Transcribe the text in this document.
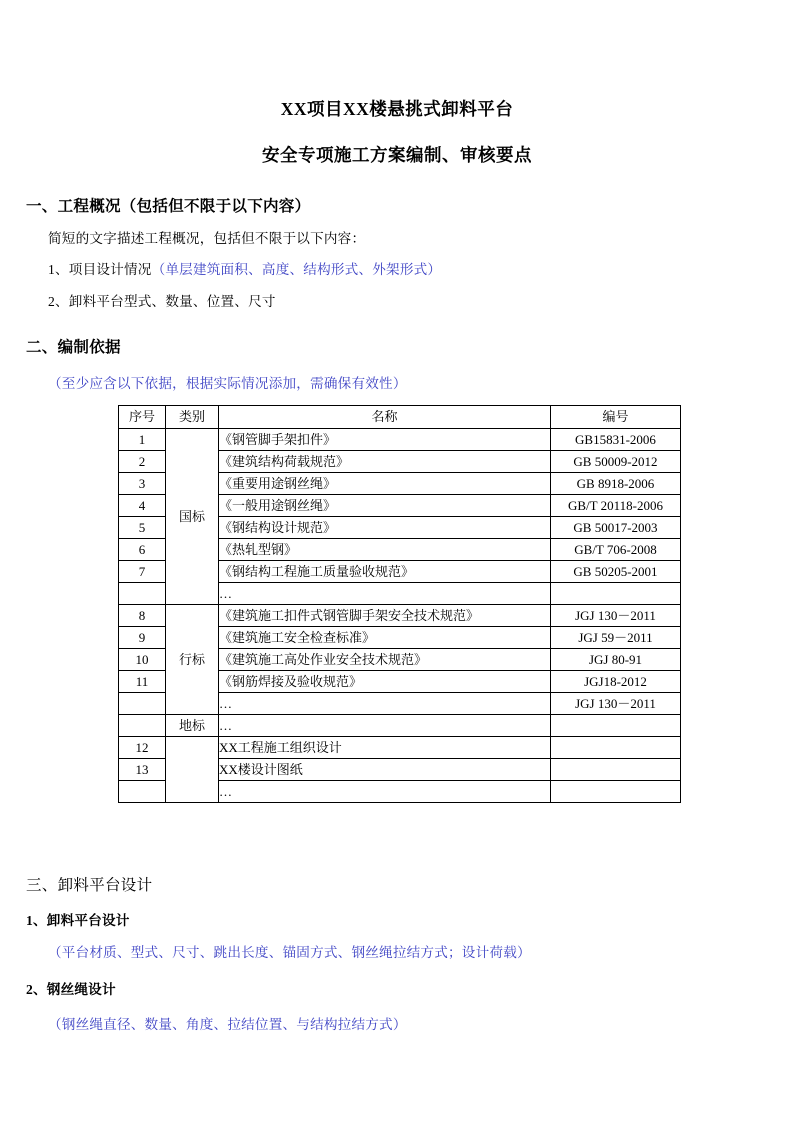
XX项目XX楼悬挑式卸料平台
安全专项施工方案编制、审核要点
一、工程概况（包括但不限于以下内容）
简短的文字描述工程概况，包括但不限于以下内容：
1、项目设计情况（单层建筑面积、高度、结构形式、外架形式）
2、卸料平台型式、数量、位置、尺寸
二、编制依据
（至少应含以下依据，根据实际情况添加，需确保有效性）
序号	类别	名称	编号
1	国标	《钢管脚手架扣件》	GB15831-2006
2		《建筑结构荷载规范》	GB 50009-2012
3		《重要用途钢丝绳》	GB 8918-2006
4		《一般用途钢丝绳》	GB/T 20118-2006
5		《钢结构设计规范》	GB 50017-2003
6		《热轧型钢》	GB/T 706-2008
7		《钢结构工程施工质量验收规范》	GB 50205-2001
		…	
8	行标	《建筑施工扣件式钢管脚手架安全技术规范》	JGJ 130－2011
9		《建筑施工安全检查标准》	JGJ 59－2011
10		《建筑施工高处作业安全技术规范》	JGJ 80-91
11		《钢筋焊接及验收规范》	JGJ18-2012
		…	JGJ 130－2011
	地标	…	
12		XX工程施工组织设计	
13		XX楼设计图纸	
		…	
三、卸料平台设计
1、卸料平台设计
（平台材质、型式、尺寸、跳出长度、锚固方式、钢丝绳拉结方式；设计荷载）
2、钢丝绳设计
（钢丝绳直径、数量、角度、拉结位置、与结构拉结方式）
